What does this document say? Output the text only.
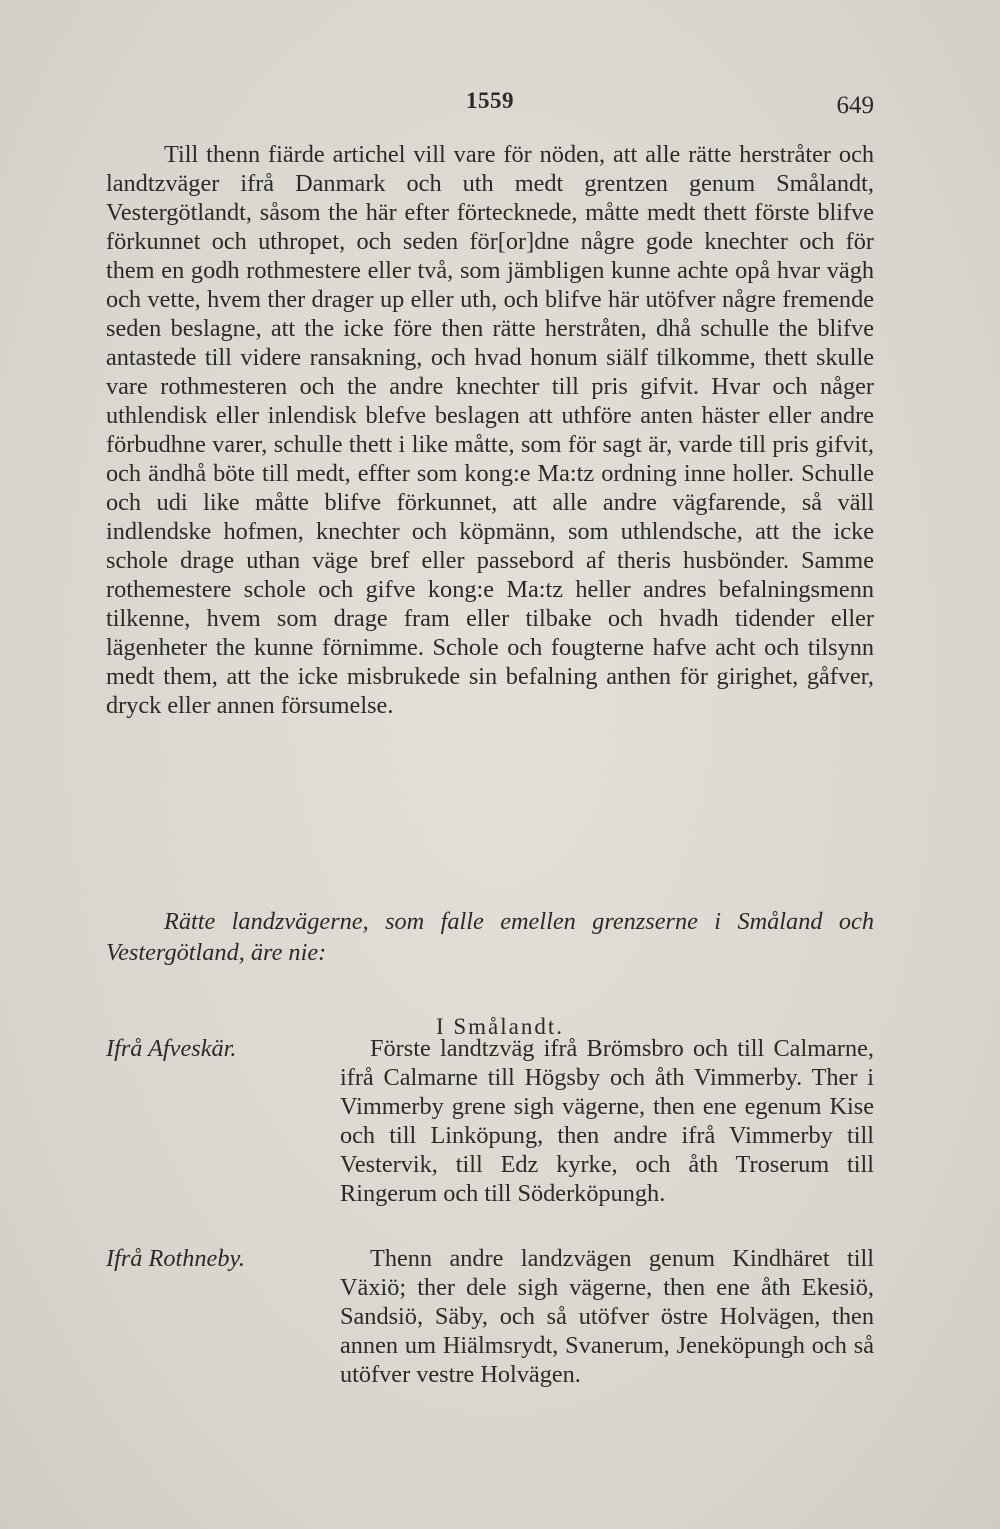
1559	649

Till thenn fiärde artichel vill vare för nöden, att alle rätte herstråter och landtzväger ifrå Danmark och uth medt grentzen genum Smålandt, Vestergötlandt, såsom the här efter förtecknede, måtte medt thett förste blifve förkunnet och uthropet, och seden för[or]dne någre gode knechter och för them en godh rothmestere eller två, som jämbligen kunne achte opå hvar vägh och vette, hvem ther drager up eller uth, och blifve här utöfver någre fremende seden beslagne, att the icke före then rätte herstråten, dhå schulle the blifve antastede till videre ransakning, och hvad honum siälf tilkomme, thett skulle vare rothmesteren och the andre knechter till pris gifvit. Hvar och någer uthlendisk eller inlendisk blefve beslagen att uthföre anten häster eller andre förbudhne varer, schulle thett i like måtte, som för sagt är, varde till pris gifvit, och ändhå böte till medt, effter som kong:e Ma:tz ordning inne holler. Schulle och udi like måtte blifve förkunnet, att alle andre vägfarende, så väll indlendske hofmen, knechter och köpmänn, som uthlendsche, att the icke schole drage uthan väge bref eller passebord af theris husbönder. Samme rothemestere schole och gifve kong:e Ma:tz heller andres befalningsmenn tilkenne, hvem som drage fram eller tilbake och hvadh tidender eller lägenheter the kunne förnimme. Schole och fougterne hafve acht och tilsynn medt them, att the icke misbrukede sin befalning anthen för girighet, gåfver, dryck eller annen försumelse.

Rätte landzvägerne, som falle emellen grenzserne i Småland och Vestergötland, äre nie:

I Smålandt.
Ifrå Afveskär.	Förste landtzväg ifrå Brömsbro och till Calmarne, ifrå Calmarne till Högsby och åth Vimmerby. Ther i Vimmerby grene sigh vägerne, then ene egenum Kise och till Linköpung, then andre ifrå Vimmerby till Vestervik, till Edz kyrke, och åth Troserum till Ringerum och till Söderköpungh.

Ifrå Rothneby.	Thenn andre landzvägen genum Kindhäret till Växiö; ther dele sigh vägerne, then ene åth Ekesiö, Sandsiö, Säby, och så utöfver östre Holvägen, then annen um Hiälmsrydt, Svanerum, Jeneköpungh och så utöfver vestre Holvägen.
